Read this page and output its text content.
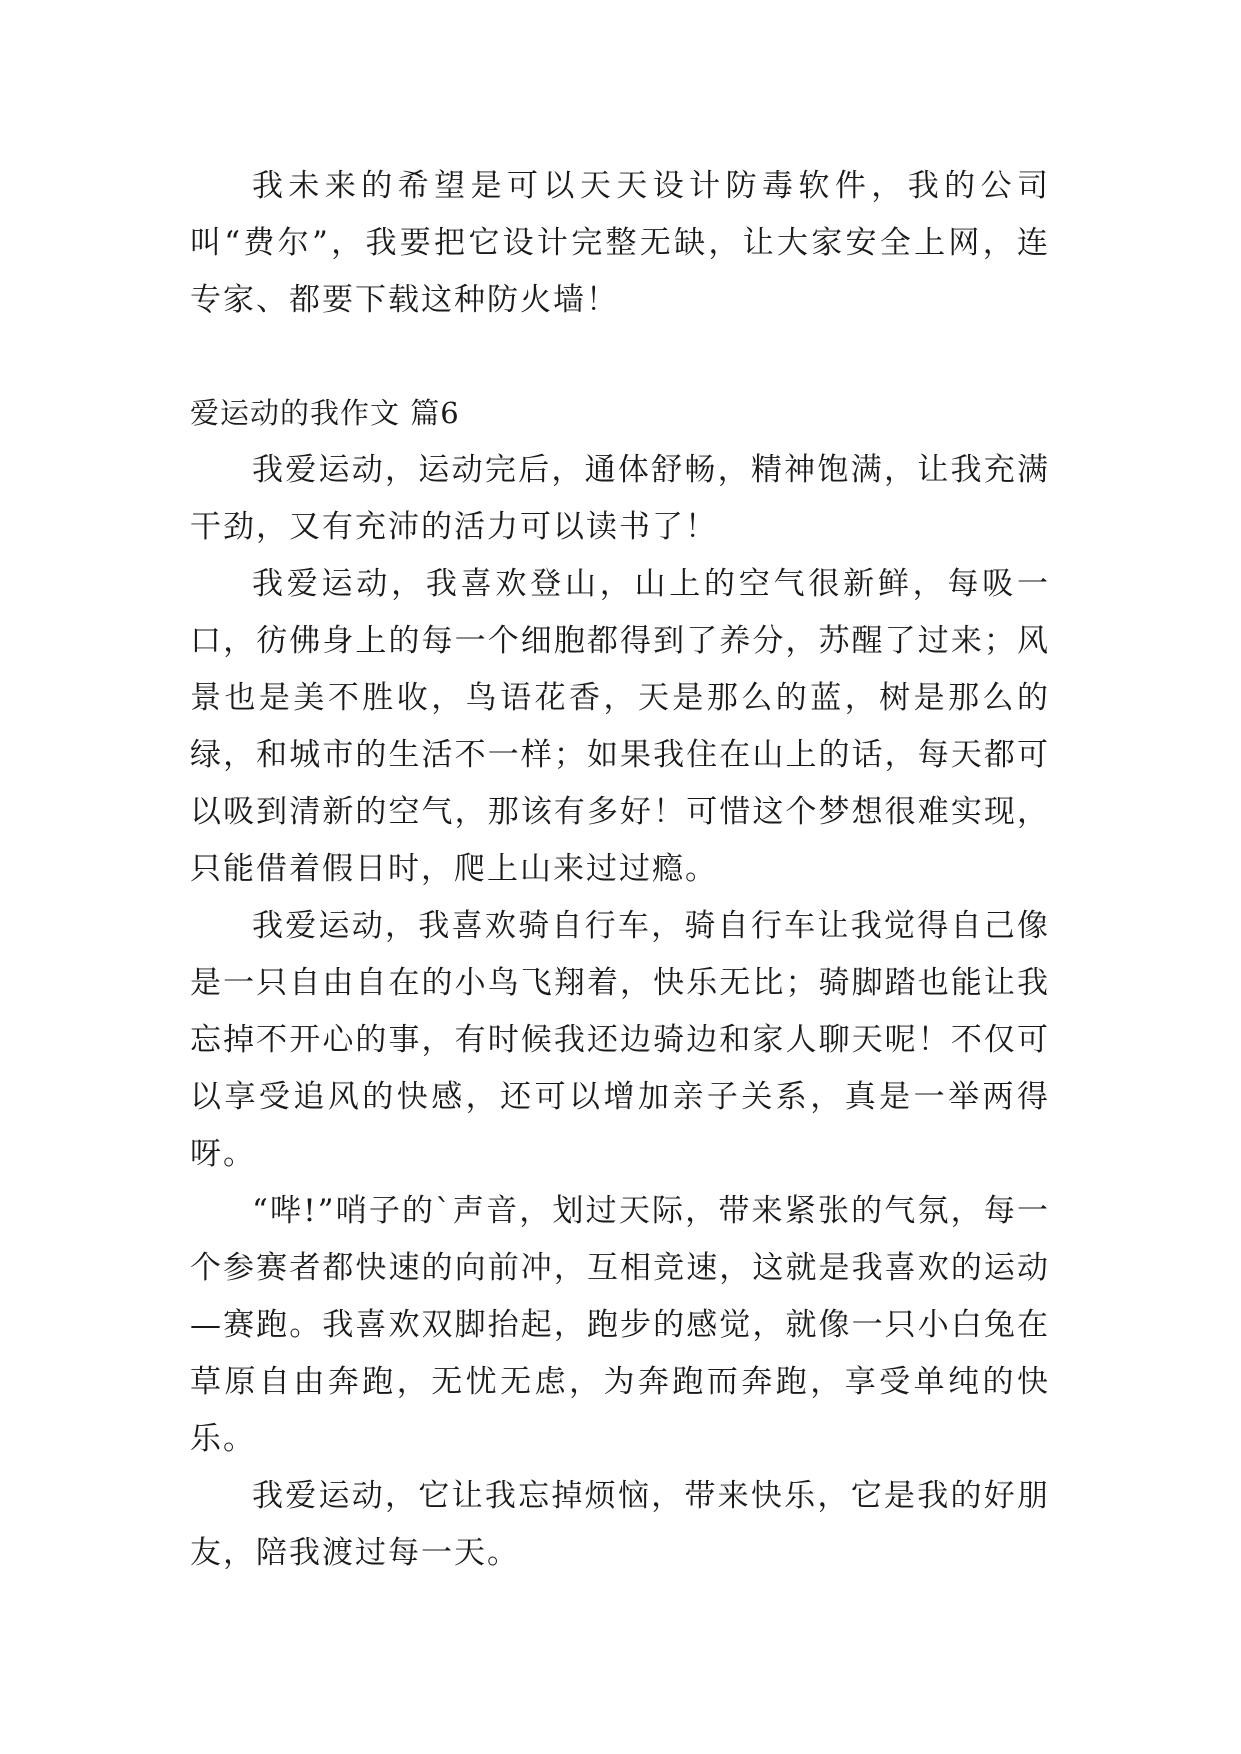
我未来的希望是可以天天设计防毒软件，我的公司叫“费尔”，我要把它设计完整无缺，让大家安全上网，连专家、都要下载这种防火墙！

爱运动的我作文 篇6

我爱运动，运动完后，通体舒畅，精神饱满，让我充满干劲，又有充沛的活力可以读书了！

我爱运动，我喜欢登山，山上的空气很新鲜，每吸一口，彷佛身上的每一个细胞都得到了养分，苏醒了过来；风景也是美不胜收，鸟语花香，天是那么的蓝，树是那么的绿，和城市的生活不一样；如果我住在山上的话，每天都可以吸到清新的空气，那该有多好！可惜这个梦想很难实现，只能借着假日时，爬上山来过过瘾。

我爱运动，我喜欢骑自行车，骑自行车让我觉得自己像是一只自由自在的小鸟飞翔着，快乐无比；骑脚踏也能让我忘掉不开心的事，有时候我还边骑边和家人聊天呢！不仅可以享受追风的快感，还可以增加亲子关系，真是一举两得呀。

“哔!”哨子的`声音，划过天际，带来紧张的气氛，每一个参赛者都快速的向前冲，互相竞速，这就是我喜欢的运动—赛跑。我喜欢双脚抬起，跑步的感觉，就像一只小白兔在草原自由奔跑，无忧无虑，为奔跑而奔跑，享受单纯的快乐。

我爱运动，它让我忘掉烦恼，带来快乐，它是我的好朋友，陪我渡过每一天。
